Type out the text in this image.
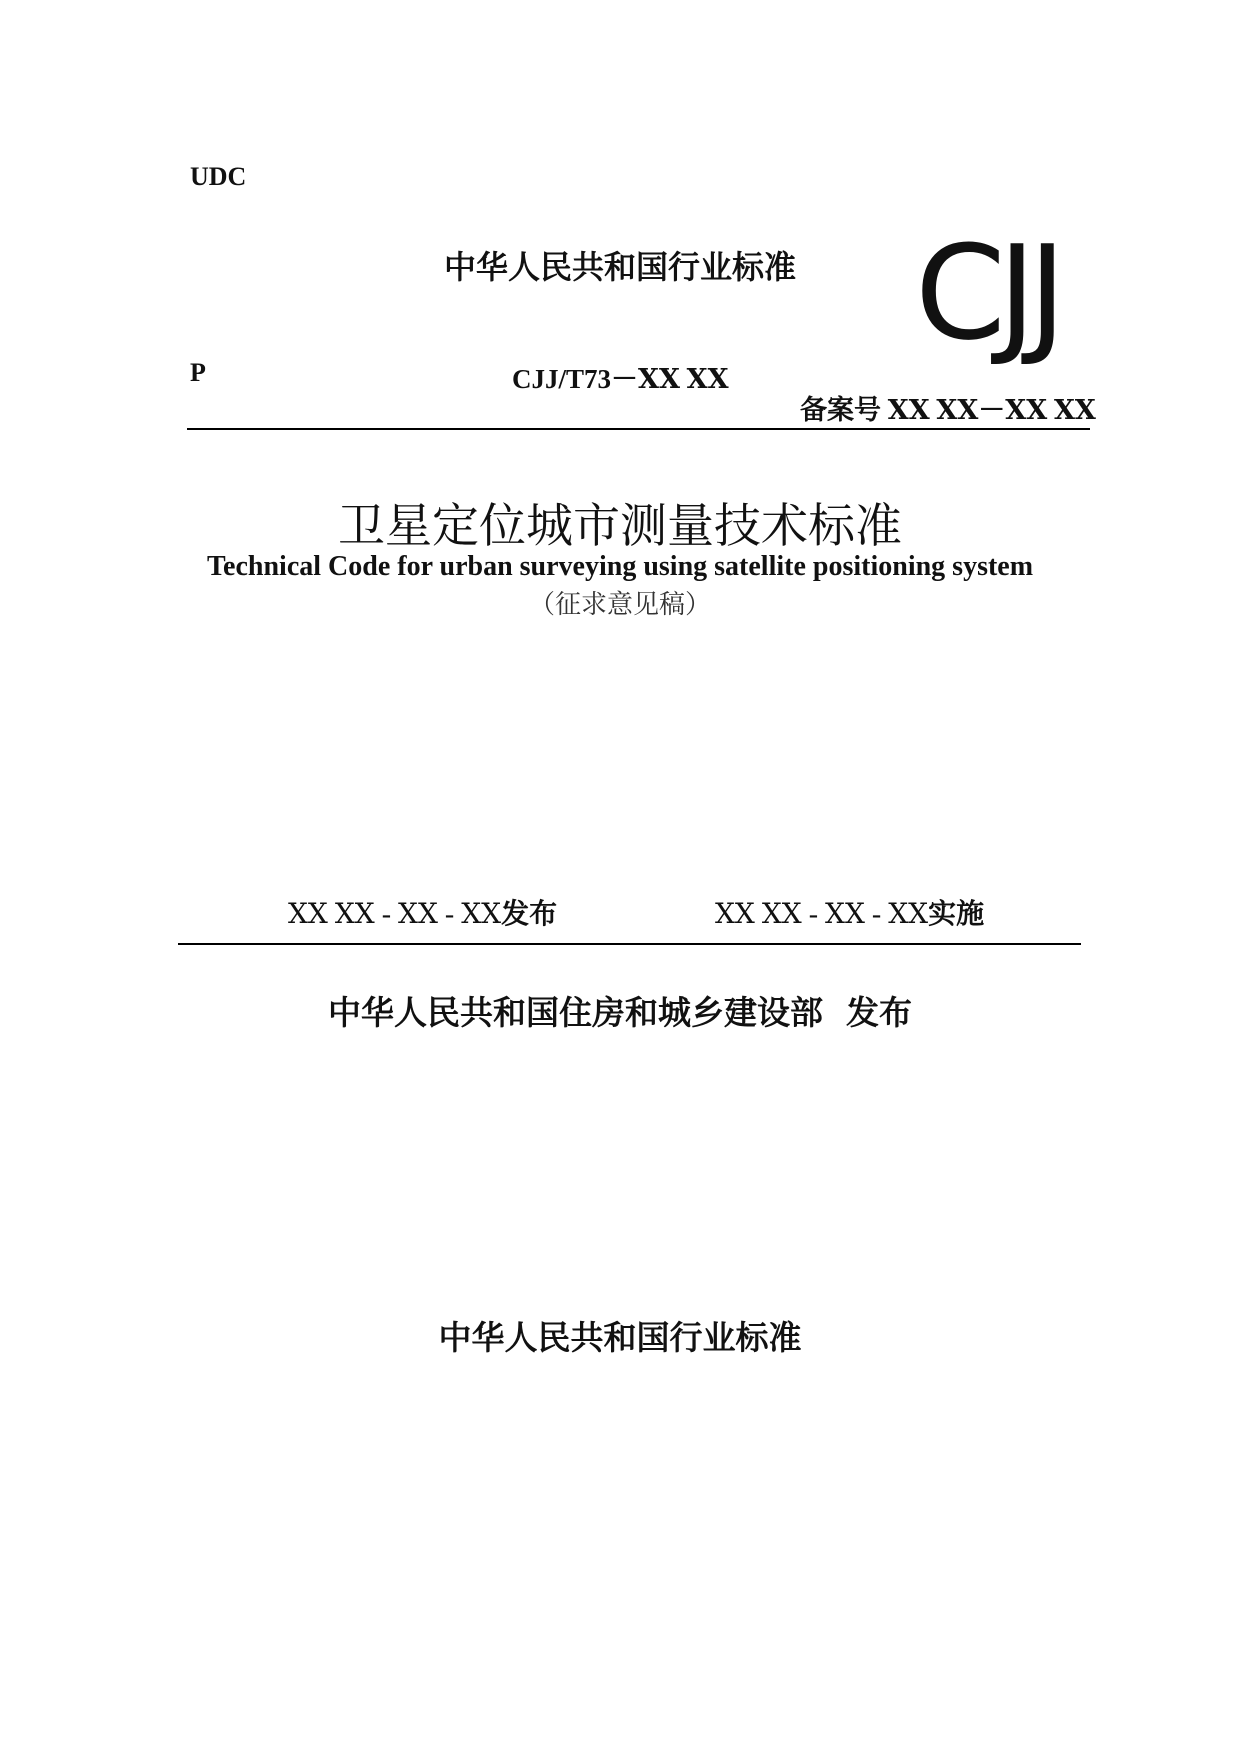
UDC
中华人民共和国行业标准 CJJ
P	CJJ/T73－ⅩⅩ ⅩⅩ
备案号 ⅩⅩ ⅩⅩ－ⅩⅩ ⅩⅩ
卫星定位城市测量技术标准
Technical Code for urban surveying using satellite positioning system
（征求意见稿）
ⅩⅩ ⅩⅩ - ⅩⅩ - ⅩⅩ发布	ⅩⅩ ⅩⅩ - ⅩⅩ - ⅩⅩ实施
中华人民共和国住房和城乡建设部  发布
中华人民共和国行业标准
